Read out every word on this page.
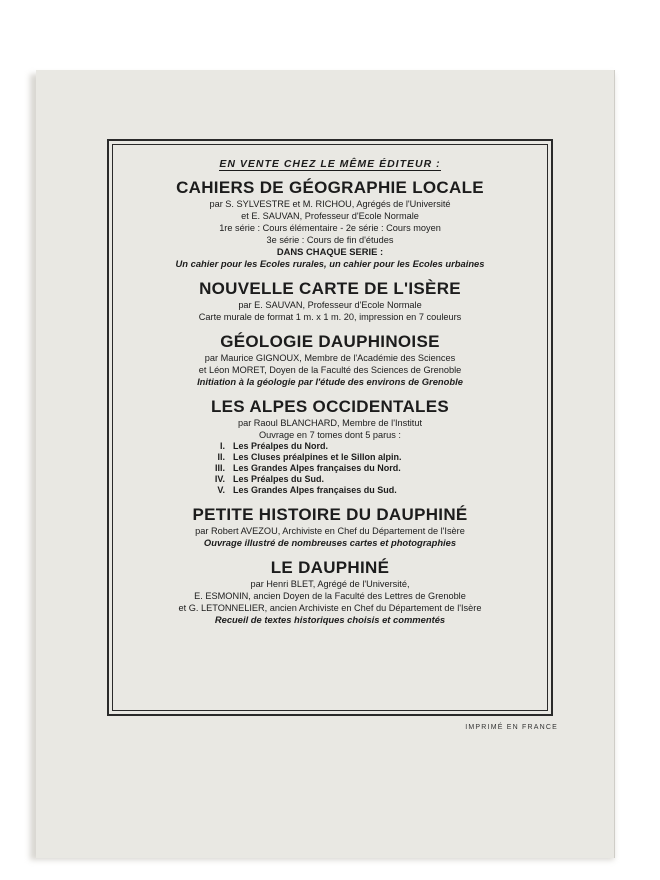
EN VENTE CHEZ LE MÊME ÉDITEUR :
CAHIERS DE GÉOGRAPHIE LOCALE
par S. SYLVESTRE et M. RICHOU, Agrégés de l'Université
et E. SAUVAN, Professeur d'Ecole Normale
1re série : Cours élémentaire - 2e série : Cours moyen
3e série : Cours de fin d'études
DANS CHAQUE SERIE :
Un cahier pour les Ecoles rurales, un cahier pour les Ecoles urbaines
NOUVELLE CARTE DE L'ISÈRE
par E. SAUVAN, Professeur d'Ecole Normale
Carte murale de format 1 m. x 1 m. 20, impression en 7 couleurs
GÉOLOGIE DAUPHINOISE
par Maurice GIGNOUX, Membre de l'Académie des Sciences
et Léon MORET, Doyen de la Faculté des Sciences de Grenoble
Initiation à la géologie par l'étude des environs de Grenoble
LES ALPES OCCIDENTALES
par Raoul BLANCHARD, Membre de l'Institut
Ouvrage en 7 tomes dont 5 parus :
I. Les Préalpes du Nord.
II. Les Cluses préalpines et le Sillon alpin.
III. Les Grandes Alpes françaises du Nord.
IV. Les Préalpes du Sud.
V. Les Grandes Alpes françaises du Sud.
PETITE HISTOIRE DU DAUPHINÉ
par Robert AVEZOU, Archiviste en Chef du Département de l'Isère
Ouvrage illustré de nombreuses cartes et photographies
LE DAUPHINÉ
par Henri BLET, Agrégé de l'Université,
E. ESMONIN, ancien Doyen de la Faculté des Lettres de Grenoble
et G. LETONNELIER, ancien Archiviste en Chef du Département de l'Isère
Recueil de textes historiques choisis et commentés
IMPRIMÉ EN FRANCE
